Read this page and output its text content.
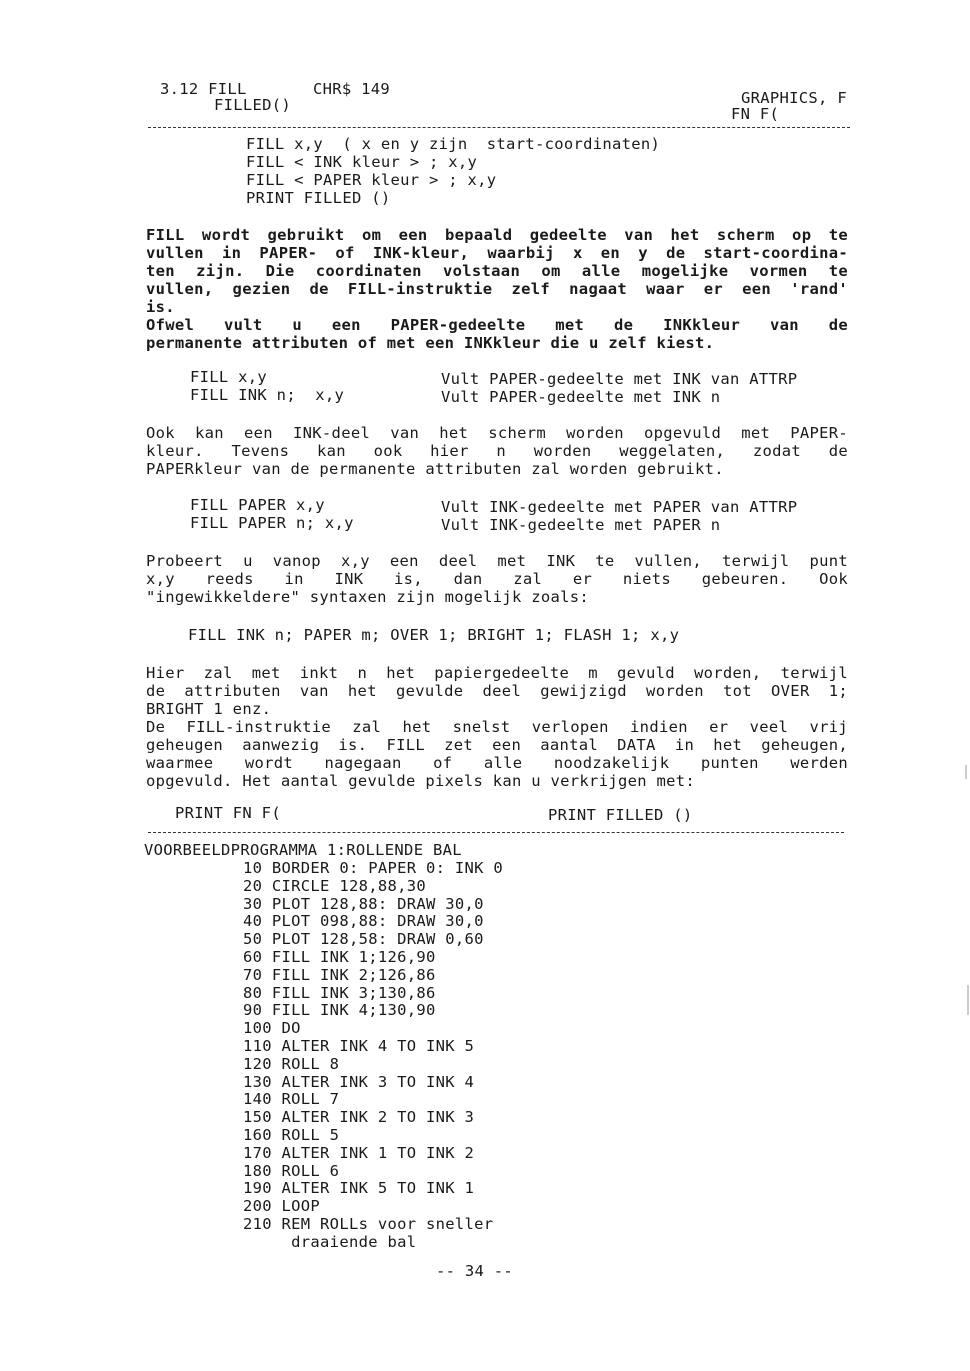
3.12 FILL	CHR$ 149
FILLED()	GRAPHICS, F
FN F(
FILL x,y  ( x en y zijn  start-coordinaten)
FILL < INK kleur > ; x,y
FILL < PAPER kleur > ; x,y
PRINT FILLED ()
FILL wordt gebruikt om een bepaald gedeelte van het scherm op te
vullen in PAPER- of INK-kleur, waarbij x en y de start-coordina-
ten zijn. Die coordinaten volstaan om alle mogelijke vormen te
vullen, gezien de FILL-instruktie zelf nagaat waar er een 'rand'
is.
Ofwel vult u een PAPER-gedeelte met de INKkleur van de
permanente attributen of met een INKkleur die u zelf kiest.
FILL x,y	Vult PAPER-gedeelte met INK van ATTRP
FILL INK n;  x,y	Vult PAPER-gedeelte met INK n
Ook kan een INK-deel van het scherm worden opgevuld met PAPER-
kleur. Tevens kan ook hier n worden weggelaten, zodat de
PAPERkleur van de permanente attributen zal worden gebruikt.
FILL PAPER x,y	Vult INK-gedeelte met PAPER van ATTRP
FILL PAPER n; x,y	Vult INK-gedeelte met PAPER n
Probeert u vanop x,y een deel met INK te vullen, terwijl punt
x,y reeds in INK is, dan zal er niets gebeuren. Ook
"ingewikkeldere" syntaxen zijn mogelijk zoals:
FILL INK n; PAPER m; OVER 1; BRIGHT 1; FLASH 1; x,y
Hier zal met inkt n het papiergedeelte m gevuld worden, terwijl
de attributen van het gevulde deel gewijzigd worden tot OVER 1;
BRIGHT 1 enz.
De FILL-instruktie zal het snelst verlopen indien er veel vrij
geheugen aanwezig is. FILL zet een aantal DATA in het geheugen,
waarmee wordt nagegaan of alle noodzakelijk punten werden
opgevuld. Het aantal gevulde pixels kan u verkrijgen met:
PRINT FN F(	PRINT FILLED ()
VOORBEELDPROGRAMMA 1:ROLLENDE BAL
10 BORDER 0: PAPER 0: INK 0
20 CIRCLE 128,88,30
30 PLOT 128,88: DRAW 30,0
40 PLOT 098,88: DRAW 30,0
50 PLOT 128,58: DRAW 0,60
60 FILL INK 1;126,90
70 FILL INK 2;126,86
80 FILL INK 3;130,86
90 FILL INK 4;130,90
100 DO
110 ALTER INK 4 TO INK 5
120 ROLL 8
130 ALTER INK 3 TO INK 4
140 ROLL 7
150 ALTER INK 2 TO INK 3
160 ROLL 5
170 ALTER INK 1 TO INK 2
180 ROLL 6
190 ALTER INK 5 TO INK 1
200 LOOP
210 REM ROLLs voor sneller
draaiende bal
-- 34 --
